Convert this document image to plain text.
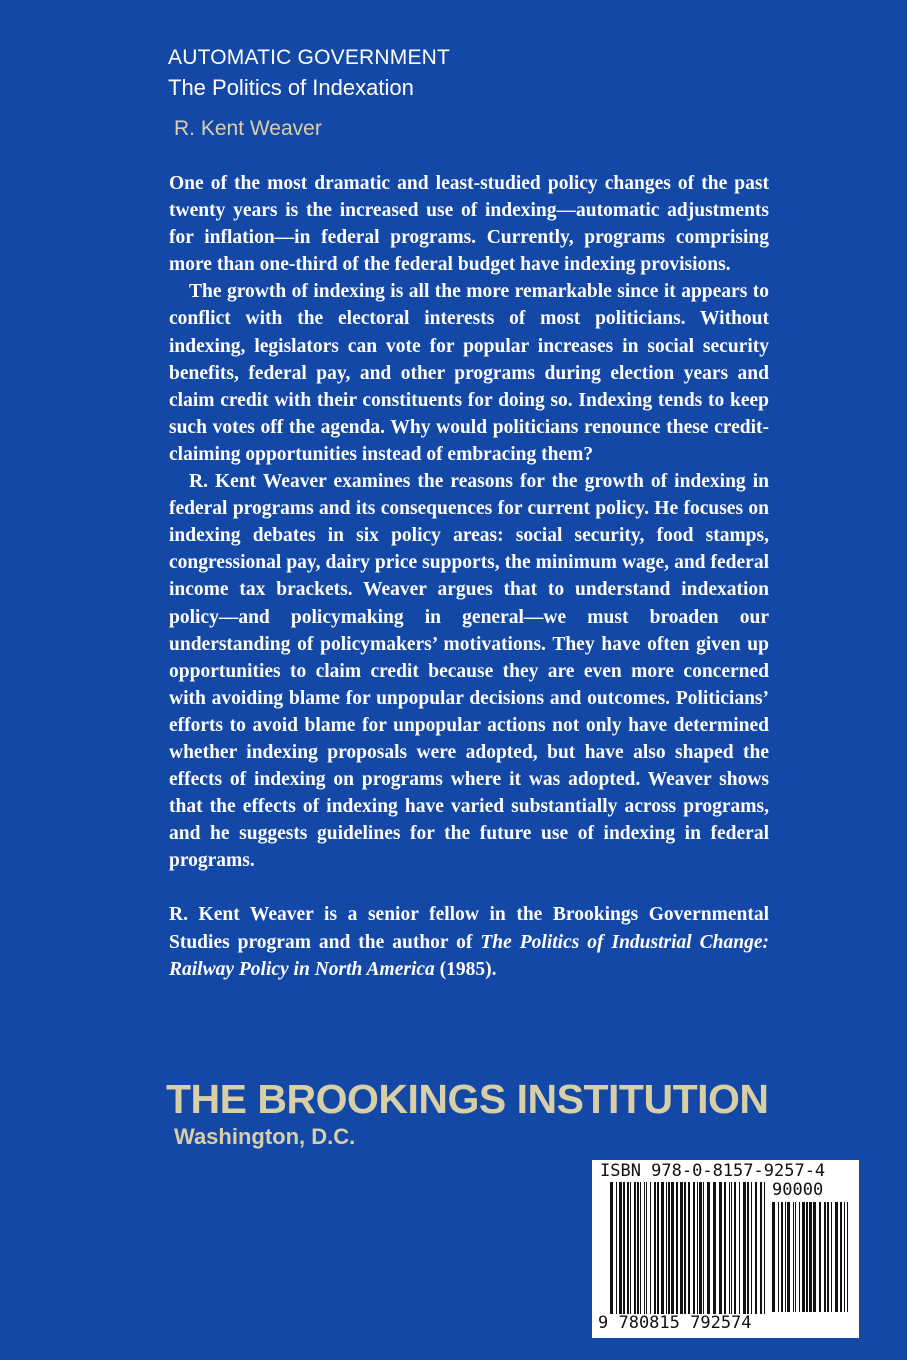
AUTOMATIC GOVERNMENT
The Politics of Indexation
R. Kent Weaver

One of the most dramatic and least-studied policy changes of the past twenty years is the increased use of indexing—automatic adjustments for inflation—in federal programs. Currently, programs comprising more than one-third of the federal budget have indexing provisions.

The growth of indexing is all the more remarkable since it appears to conflict with the electoral interests of most politicians. Without indexing, legislators can vote for popular increases in social security benefits, federal pay, and other programs during election years and claim credit with their constituents for doing so. Indexing tends to keep such votes off the agenda. Why would politicians renounce these credit-claiming opportunities instead of embracing them?

R. Kent Weaver examines the reasons for the growth of indexing in federal programs and its consequences for current policy. He focuses on indexing debates in six policy areas: social security, food stamps, congressional pay, dairy price supports, the minimum wage, and federal income tax brackets. Weaver argues that to understand indexation policy—and policymaking in general—we must broaden our understanding of policymakers’ motivations. They have often given up opportunities to claim credit because they are even more concerned with avoiding blame for unpopular decisions and outcomes. Politicians’ efforts to avoid blame for unpopular actions not only have determined whether indexing proposals were adopted, but have also shaped the effects of indexing on programs where it was adopted. Weaver shows that the effects of indexing have varied substantially across programs, and he suggests guidelines for the future use of indexing in federal programs.

R. Kent Weaver is a senior fellow in the Brookings Governmental Studies program and the author of The Politics of Industrial Change: Railway Policy in North America (1985).

THE BROOKINGS INSTITUTION
Washington, D.C.
ISBN 978-0-8157-9257-4
90000
9 780815 792574
